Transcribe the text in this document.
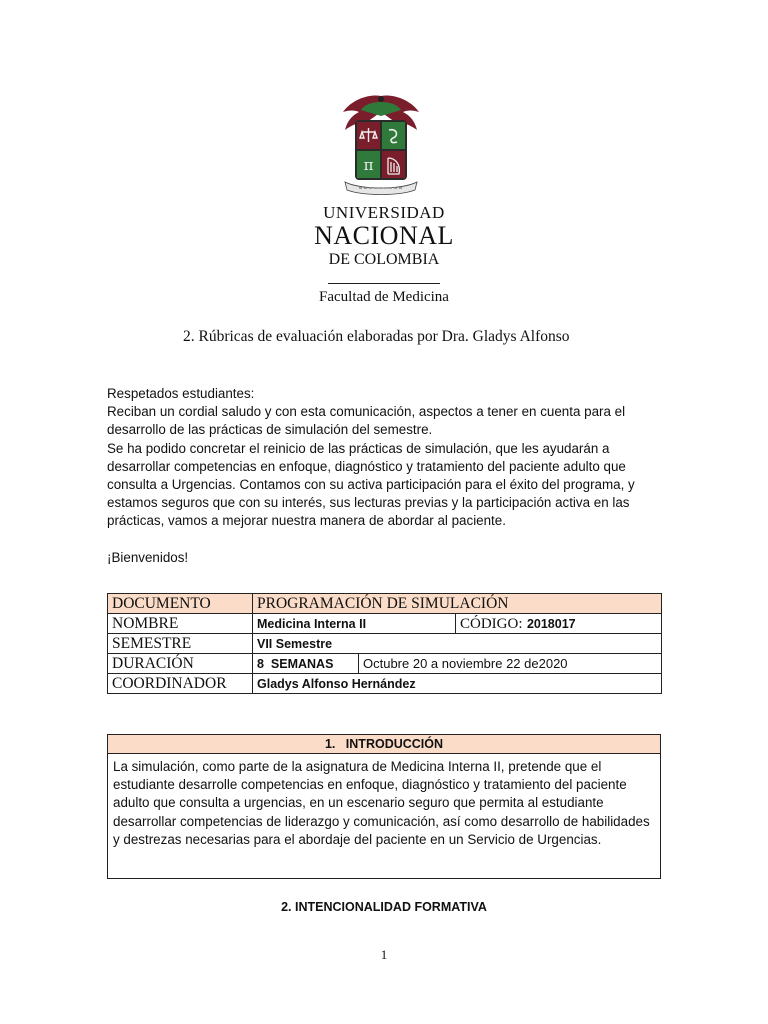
π
UNIVERSIDAD
NACIONAL
DE COLOMBIA
Facultad de Medicina
2. Rúbricas de evaluación elaboradas por Dra. Gladys Alfonso

Respetados estudiantes:

Reciban un cordial saludo y con esta comunicación, aspectos a tener en cuenta para el desarrollo de las prácticas de simulación del semestre.

Se ha podido concretar el reinicio de las prácticas de simulación, que les ayudarán a desarrollar competencias en enfoque, diagnóstico y tratamiento del paciente adulto que consulta a Urgencias. Contamos con su activa participación para el éxito del programa, y estamos seguros que con su interés, sus lecturas previas y la participación activa en las prácticas, vamos a mejorar nuestra manera de abordar al paciente.

¡Bienvenidos!

DOCUMENTO	PROGRAMACIÓN DE SIMULACIÓN		
NOMBRE	Medicina Interna II		CÓDIGO: 2018017
SEMESTRE	VII Semestre		
DURACIÓN	8  SEMANAS	Octubre 20 a noviembre 22 de2020	
COORDINADOR	Gladys Alfonso Hernández		
1.   INTRODUCCIÓN
La simulación, como parte de la asignatura de Medicina Interna II, pretende que el estudiante desarrolle competencias en enfoque, diagnóstico y tratamiento del paciente adulto que consulta a urgencias, en un escenario seguro que permita al estudiante desarrollar competencias de liderazgo y comunicación, así como desarrollo de habilidades y destrezas necesarias para el abordaje del paciente en un Servicio de Urgencias.
2. INTENCIONALIDAD FORMATIVA
1
